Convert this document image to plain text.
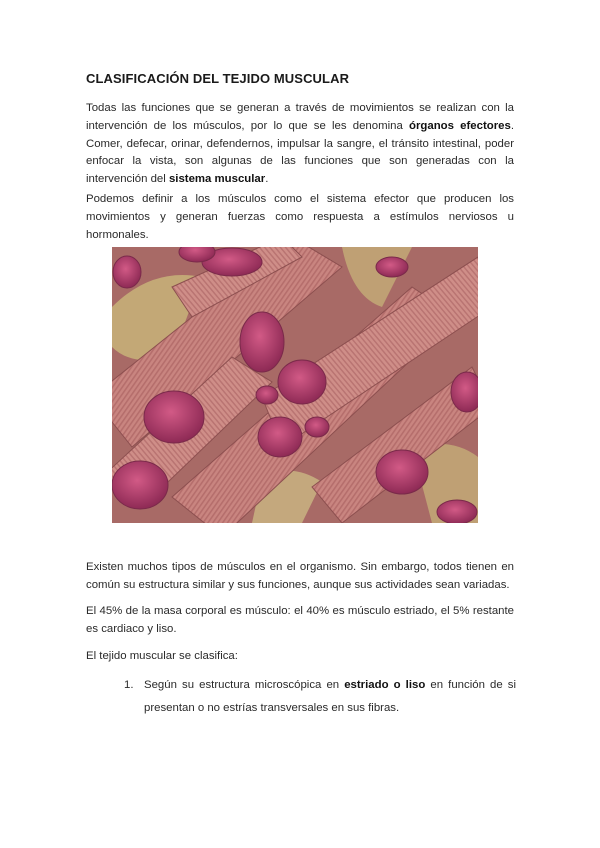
CLASIFICACIÓN DEL TEJIDO MUSCULAR

Todas las funciones que se generan a través de movimientos se realizan con la intervención de los músculos, por lo que se les denomina órganos efectores. Comer, defecar, orinar, defendernos, impulsar la sangre, el tránsito intestinal, poder enfocar la vista, son algunas de las funciones que son generadas con la intervención del sistema muscular.

Podemos definir a los músculos como el sistema efector que producen los movimientos y generan fuerzas como respuesta a estímulos nerviosos u hormonales.

Existen muchos tipos de músculos en el organismo. Sin embargo, todos tienen en común su estructura similar y sus funciones, aunque sus actividades sean variadas.

El 45% de la masa corporal es músculo: el 40% es músculo estriado, el 5% restante es cardiaco y liso.

El tejido muscular se clasifica:

1. Según su estructura microscópica en estriado o liso en función de si presentan o no estrías transversales en sus fibras.
